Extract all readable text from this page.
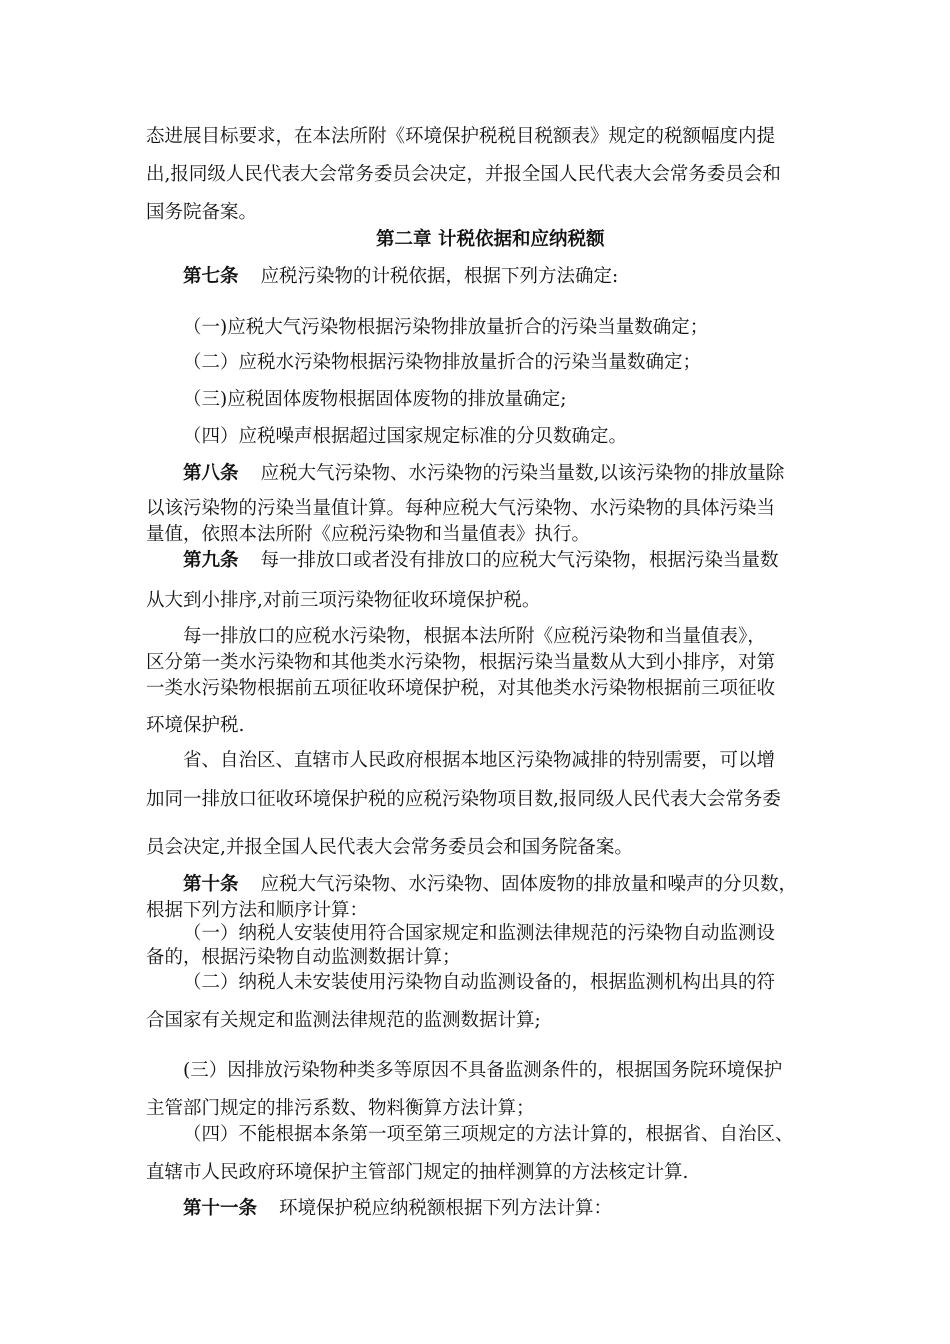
态进展目标要求，在本法所附《环境保护税税目税额表》规定的税额幅度内提
出,报同级人民代表大会常务委员会决定，并报全国人民代表大会常务委员会和
国务院备案。
第二章 计税依据和应纳税额
第七条 应税污染物的计税依据，根据下列方法确定:
（一)应税大气污染物根据污染物排放量折合的污染当量数确定；
（二）应税水污染物根据污染物排放量折合的污染当量数确定；
（三)应税固体废物根据固体废物的排放量确定;
（四）应税噪声根据超过国家规定标准的分贝数确定。
第八条 应税大气污染物、水污染物的污染当量数,以该污染物的排放量除
以该污染物的污染当量值计算。每种应税大气污染物、水污染物的具体污染当
量值，依照本法所附《应税污染物和当量值表》执行。
第九条 每一排放口或者没有排放口的应税大气污染物，根据污染当量数
从大到小排序,对前三项污染物征收环境保护税。
每一排放口的应税水污染物，根据本法所附《应税污染物和当量值表》，
区分第一类水污染物和其他类水污染物，根据污染当量数从大到小排序，对第
一类水污染物根据前五项征收环境保护税，对其他类水污染物根据前三项征收
环境保护税.
省、自治区、直辖市人民政府根据本地区污染物减排的特别需要，可以增
加同一排放口征收环境保护税的应税污染物项目数,报同级人民代表大会常务委
员会决定,并报全国人民代表大会常务委员会和国务院备案。
第十条 应税大气污染物、水污染物、固体废物的排放量和噪声的分贝数，
根据下列方法和顺序计算：
（一）纳税人安装使用符合国家规定和监测法律规范的污染物自动监测设
备的，根据污染物自动监测数据计算；
（二）纳税人未安装使用污染物自动监测设备的，根据监测机构出具的符
合国家有关规定和监测法律规范的监测数据计算;
(三）因排放污染物种类多等原因不具备监测条件的，根据国务院环境保护
主管部门规定的排污系数、物料衡算方法计算；
（四）不能根据本条第一项至第三项规定的方法计算的，根据省、自治区、
直辖市人民政府环境保护主管部门规定的抽样测算的方法核定计算.
第十一条 环境保护税应纳税额根据下列方法计算：
